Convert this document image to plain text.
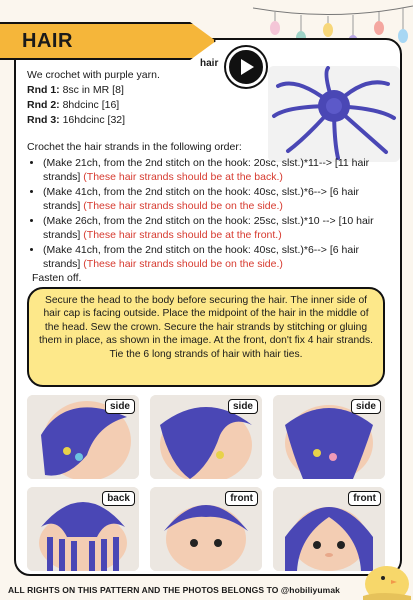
HAIR
hair

We crochet with purple yarn.

Rnd 1: 8sc in MR [8]

Rnd 2: 8hdcinc [16]

Rnd 3: 16hdcinc [32]

Crochet the hair strands in the following order:
• (Make 21ch, from the 2nd stitch on the hook: 20sc, slst.)*11--> [11 hair strands] (These hair strands should be at the back.)
• (Make 41ch, from the 2nd stitch on the hook: 40sc, slst.)*6--> [6 hair strands] (These hair strands should be on the side.)
• (Make 26ch, from the 2nd stitch on the hook: 25sc, slst.)*10 --> [10 hair strands] (These hair strands should be at the front.)
• (Make 41ch, from the 2nd stitch on the hook: 40sc, slst.)*6--> [6 hair strands] (These hair strands should be on the side.)
Fasten off.
Secure the head to the body before securing the hair. The inner side of hair cap is facing outside. Place the midpoint of the hair in the middle of the head. Sew the crown. Secure the hair strands by stitching or gluing them in place, as shown in the image. At the front, don't fix 4 hair strands. Tie the 6 long strands of hair with hair ties.
side	side	side
back	front	front
ALL RIGHTS ON THIS PATTERN AND THE PHOTOS BELONGS TO @hobiliyumak
